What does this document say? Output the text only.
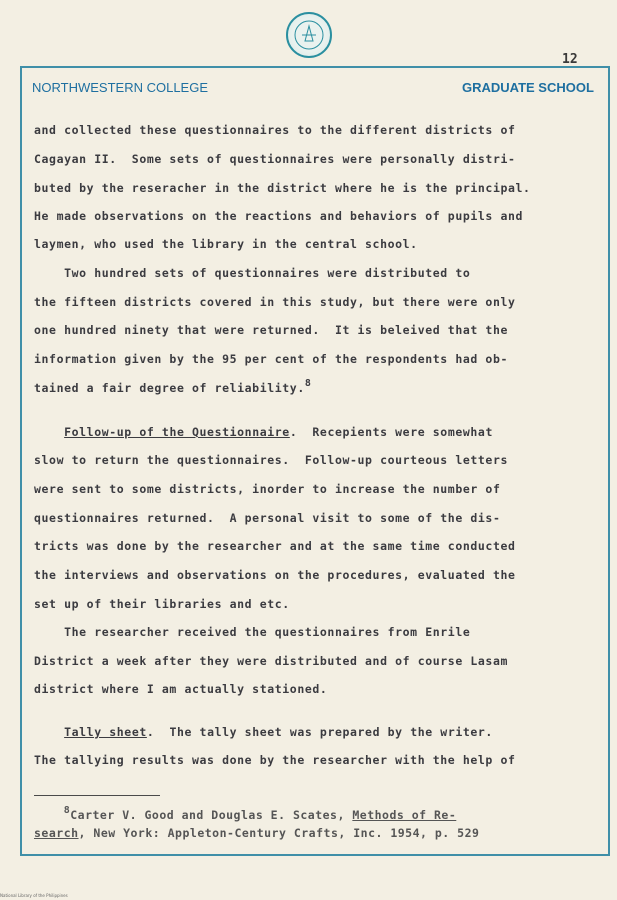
12
NORTHWESTERN COLLEGE	GRADUATE SCHOOL
and collected these questionnaires to the different districts of
Cagayan II.  Some sets of questionnaires were personally distri-
buted by the reseracher in the district where he is the principal.
He made observations on the reactions and behaviors of pupils and
laymen, who used the library in the central school.
Two hundred sets of questionnaires were distributed to
the fifteen districts covered in this study, but there were only
one hundred ninety that were returned.  It is beleived that the
information given by the 95 per cent of the respondents had ob-
tained a fair degree of reliability.8
Follow-up of the Questionnaire.  Recepients were somewhat
slow to return the questionnaires.  Follow-up courteous letters
were sent to some districts, inorder to increase the number of
questionnaires returned.  A personal visit to some of the dis-
tricts was done by the researcher and at the same time conducted
the interviews and observations on the procedures, evaluated the
set up of their libraries and etc.
The researcher received the questionnaires from Enrile
District a week after they were distributed and of course Lasam
district where I am actually stationed.
Tally sheet.  The tally sheet was prepared by the writer.
The tallying results was done by the researcher with the help of
8Carter V. Good and Douglas E. Scates, Methods of Re-
search, New York: Appleton-Century Crafts, Inc. 1954, p. 529
National Library of the Philippines
